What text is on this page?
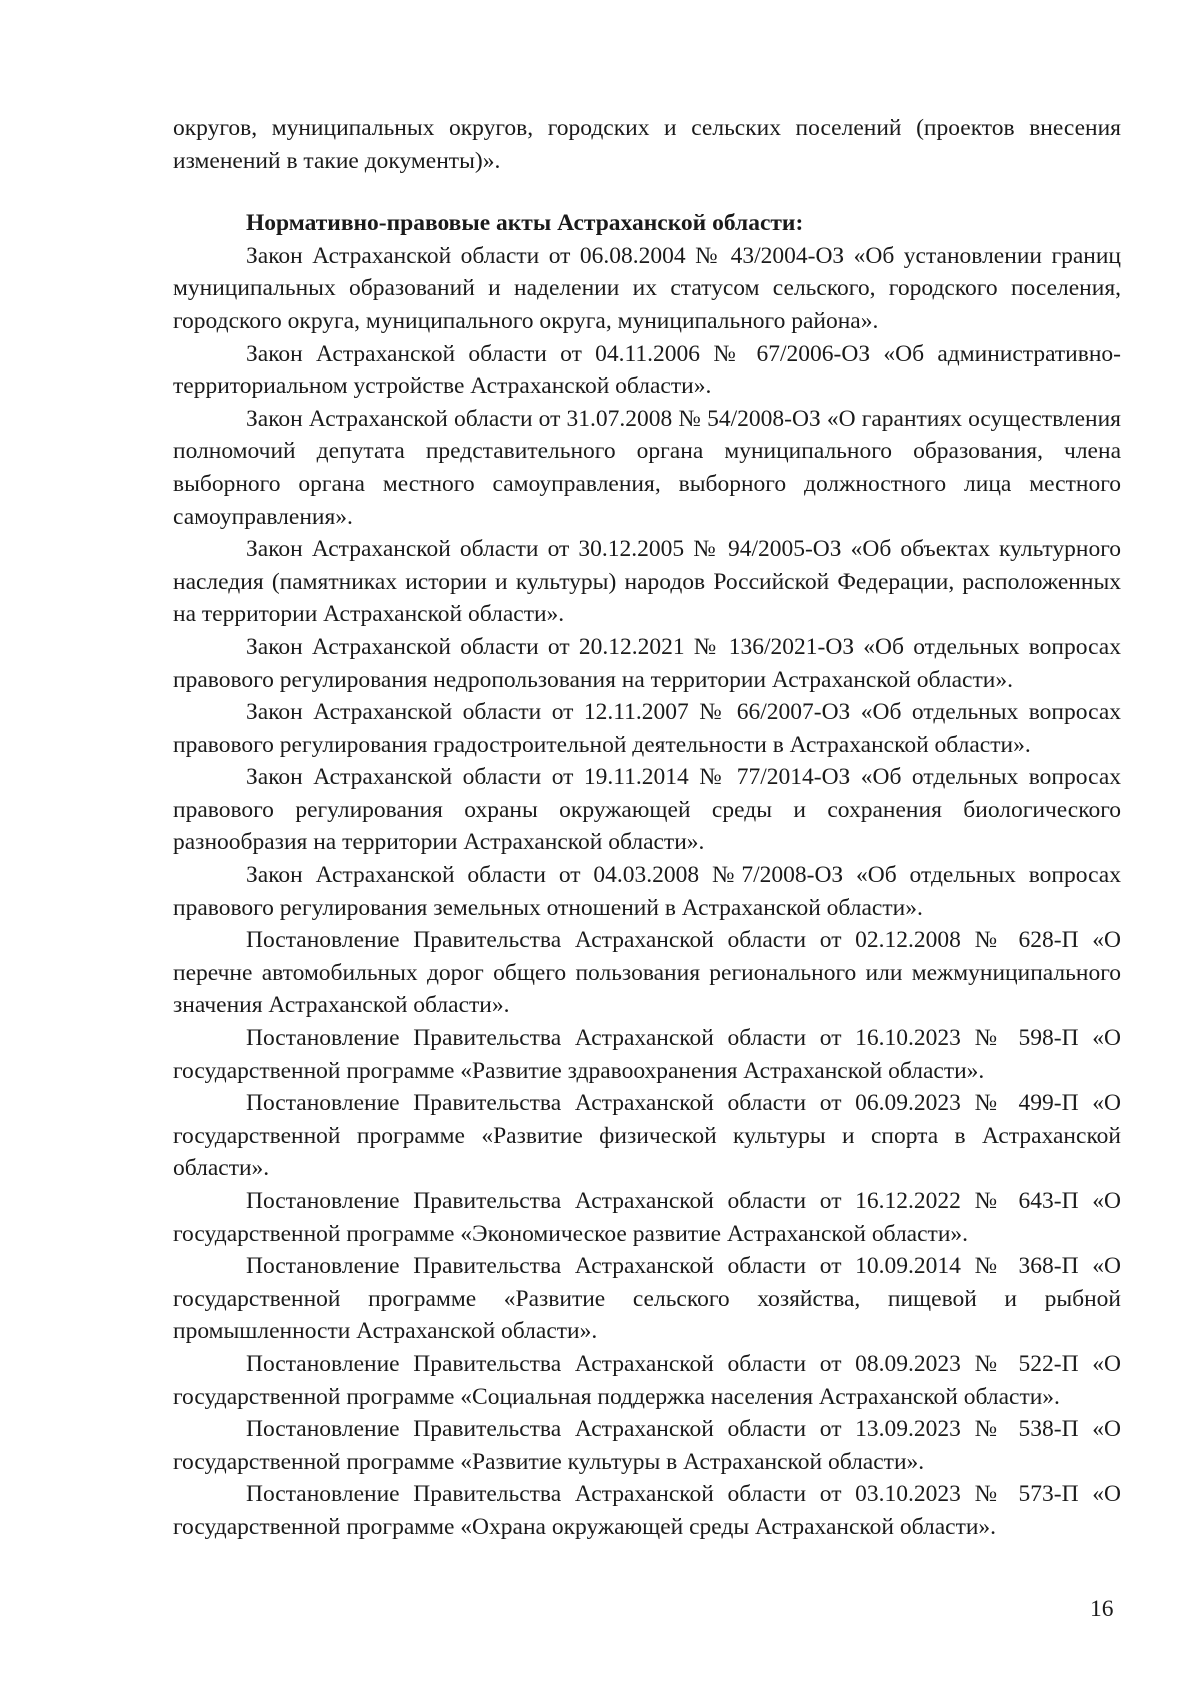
округов, муниципальных округов, городских и сельских поселений (проектов внесения изменений в такие документы)».

Нормативно-правовые акты Астраханской области:

Закон Астраханской области от 06.08.2004 № 43/2004-ОЗ «Об установлении границ муниципальных образований и наделении их статусом сельского, городского поселения, городского округа, муниципального округа, муниципального района».

Закон Астраханской области от 04.11.2006 № 67/2006-ОЗ «Об административно-территориальном устройстве Астраханской области».

Закон Астраханской области от 31.07.2008 № 54/2008-ОЗ «О гарантиях осуществления полномочий депутата представительного органа муниципального образования, члена выборного органа местного самоуправления, выборного должностного лица местного самоуправления».

Закон Астраханской области от 30.12.2005 № 94/2005-ОЗ «Об объектах культурного наследия (памятниках истории и культуры) народов Российской Федерации, расположенных на территории Астраханской области».

Закон Астраханской области от 20.12.2021 № 136/2021-ОЗ «Об отдельных вопросах правового регулирования недропользования на территории Астраханской области».

Закон Астраханской области от 12.11.2007 № 66/2007-ОЗ «Об отдельных вопросах правового регулирования градостроительной деятельности в Астраханской области».

Закон Астраханской области от 19.11.2014 № 77/2014-ОЗ «Об отдельных вопросах правового регулирования охраны окружающей среды и сохранения биологического разнообразия на территории Астраханской области».

Закон Астраханской области от 04.03.2008 №7/2008-ОЗ «Об отдельных вопросах правового регулирования земельных отношений в Астраханской области».

Постановление Правительства Астраханской области от 02.12.2008 № 628-П «О перечне автомобильных дорог общего пользования регионального или межмуниципального значения Астраханской области».

Постановление Правительства Астраханской области от 16.10.2023 № 598-П «О государственной программе «Развитие здравоохранения Астраханской области».

Постановление Правительства Астраханской области от 06.09.2023 № 499-П «О государственной программе «Развитие физической культуры и спорта в Астраханской области».

Постановление Правительства Астраханской области от 16.12.2022 № 643-П «О государственной программе «Экономическое развитие Астраханской области».

Постановление Правительства Астраханской области от 10.09.2014 № 368-П «О государственной программе «Развитие сельского хозяйства, пищевой и рыбной промышленности Астраханской области».

Постановление Правительства Астраханской области от 08.09.2023 № 522-П «О государственной программе «Социальная поддержка населения Астраханской области».

Постановление Правительства Астраханской области от 13.09.2023 № 538-П «О государственной программе «Развитие культуры в Астраханской области».

Постановление Правительства Астраханской области от 03.10.2023 № 573-П «О государственной программе «Охрана окружающей среды Астраханской области».

16
